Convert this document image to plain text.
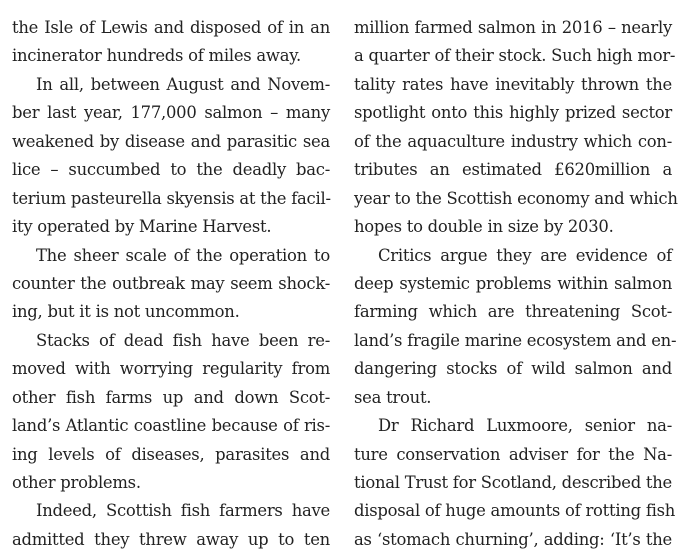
the Isle of Lewis and disposed of in an
incinerator hundreds of miles away.
In all, between August and Novem-
ber last year, 177,000 salmon – many
weakened by disease and parasitic sea
lice – succumbed to the deadly bac-
terium pasteurella skyensis at the facil-
ity operated by Marine Harvest.
The sheer scale of the operation to
counter the outbreak may seem shock-
ing, but it is not uncommon.
Stacks of dead fish have been re-
moved with worrying regularity from
other fish farms up and down Scot-
land’s Atlantic coastline because of ris-
ing levels of diseases, parasites and
other problems.
Indeed, Scottish fish farmers have
admitted they threw away up to ten
million farmed salmon in 2016 – nearly
a quarter of their stock. Such high mor-
tality rates have inevitably thrown the
spotlight onto this highly prized sector
of the aquaculture industry which con-
tributes an estimated £620million a
year to the Scottish economy and which
hopes to double in size by 2030.
Critics argue they are evidence of
deep systemic problems within salmon
farming which are threatening Scot-
land’s fragile marine ecosystem and en-
dangering stocks of wild salmon and
sea trout.
Dr Richard Luxmoore, senior na-
ture conservation adviser for the Na-
tional Trust for Scotland, described the
disposal of huge amounts of rotting fish
as ‘stomach churning’, adding: ‘It’s the
